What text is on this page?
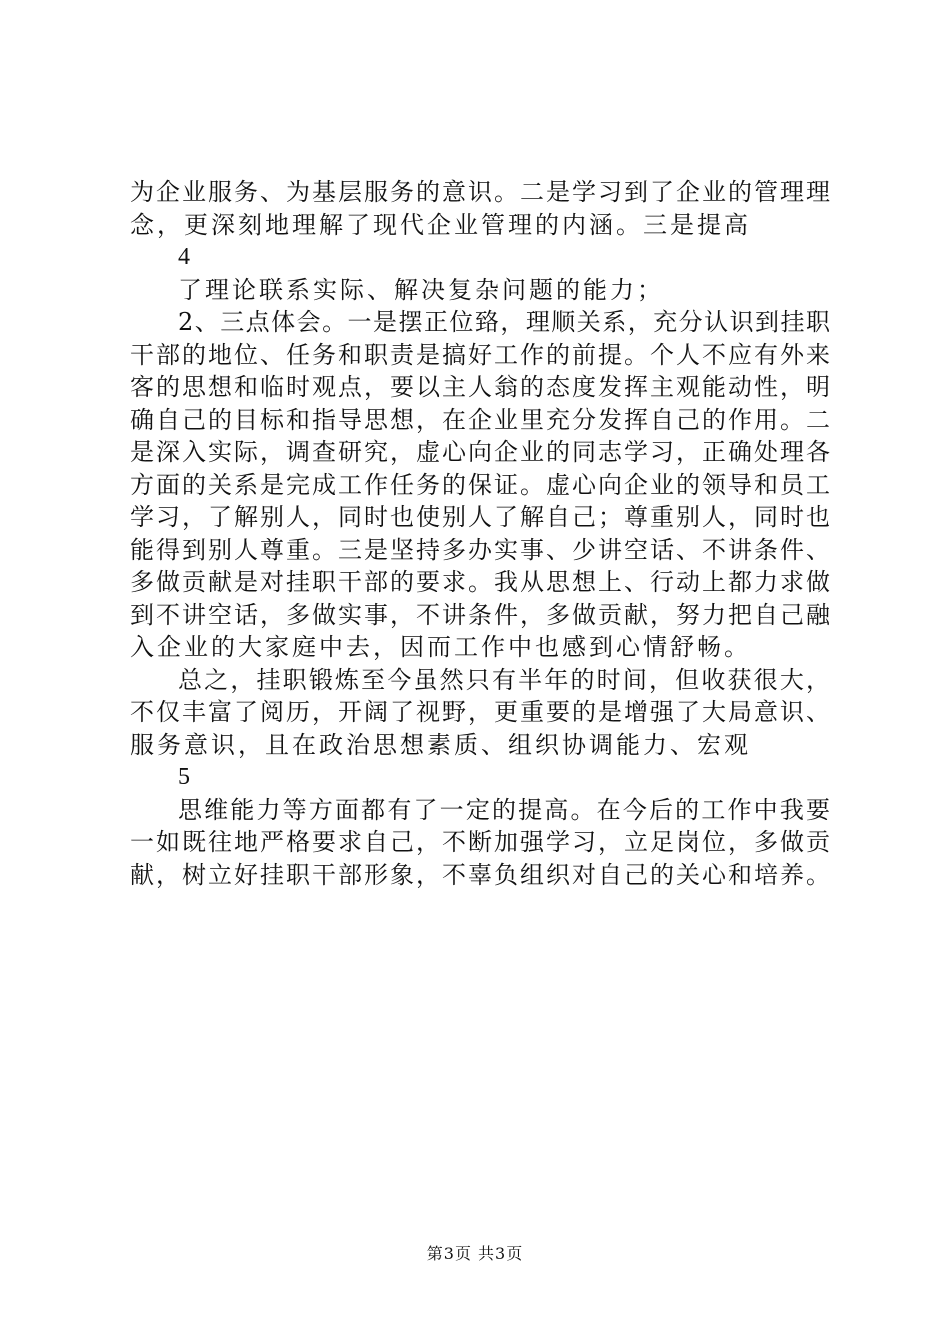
为企业服务、为基层服务的意识。二是学习到了企业的管理理
念，更深刻地理解了现代企业管理的内涵。三是提高
4
了理论联系实际、解决复杂问题的能力；
2、三点体会。一是摆正位臵，理顺关系，充分认识到挂职
干部的地位、任务和职责是搞好工作的前提。个人不应有外来
客的思想和临时观点，要以主人翁的态度发挥主观能动性，明
确自己的目标和指导思想，在企业里充分发挥自己的作用。二
是深入实际，调查研究，虚心向企业的同志学习，正确处理各
方面的关系是完成工作任务的保证。虚心向企业的领导和员工
学习，了解别人，同时也使别人了解自己；尊重别人，同时也
能得到别人尊重。三是坚持多办实事、少讲空话、不讲条件、
多做贡献是对挂职干部的要求。我从思想上、行动上都力求做
到不讲空话，多做实事，不讲条件，多做贡献，努力把自己融
入企业的大家庭中去，因而工作中也感到心情舒畅。
总之，挂职锻炼至今虽然只有半年的时间，但收获很大，
不仅丰富了阅历，开阔了视野，更重要的是增强了大局意识、
服务意识，且在政治思想素质、组织协调能力、宏观
5
思维能力等方面都有了一定的提高。在今后的工作中我要
一如既往地严格要求自己，不断加强学习，立足岗位，多做贡
献，树立好挂职干部形象，不辜负组织对自己的关心和培养。
第3页 共3页
